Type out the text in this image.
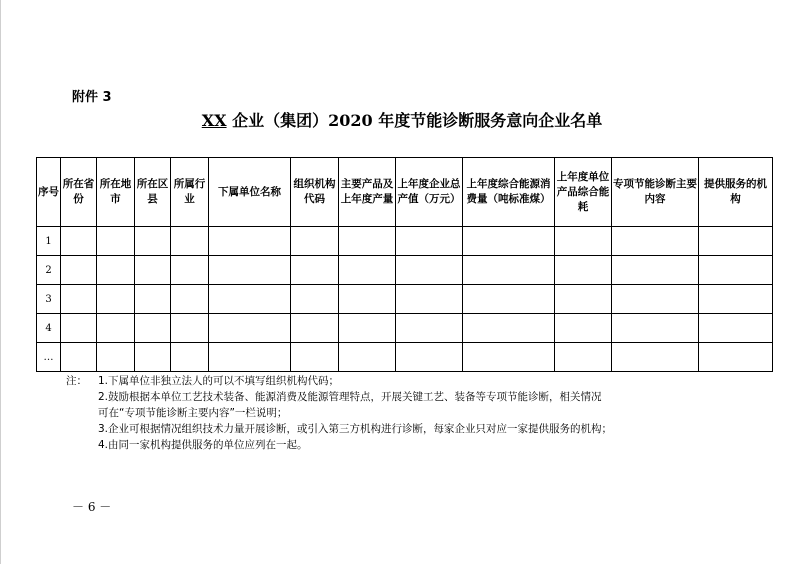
附件 3
XX 企业（集团）2020 年度节能诊断服务意向企业名单
序号	所在省份	所在地市	所在区县	所属行业	下属单位名称	组织机构代码	主要产品及上年度产量	上年度企业总产值（万元）	上年度综合能源消费量（吨标准煤）	上年度单位产品综合能耗	专项节能诊断主要内容	提供服务的机构
1												
2												
3												
4												
…												
注： 1.下属单位非独立法人的可以不填写组织机构代码；
2.鼓励根据本单位工艺技术装备、能源消费及能源管理特点，开展关键工艺、装备等专项节能诊断，相关情况
可在“专项节能诊断主要内容”一栏说明；
3.企业可根据情况组织技术力量开展诊断，或引入第三方机构进行诊断，每家企业只对应一家提供服务的机构；
4.由同一家机构提供服务的单位应列在一起。
－ 6 －
